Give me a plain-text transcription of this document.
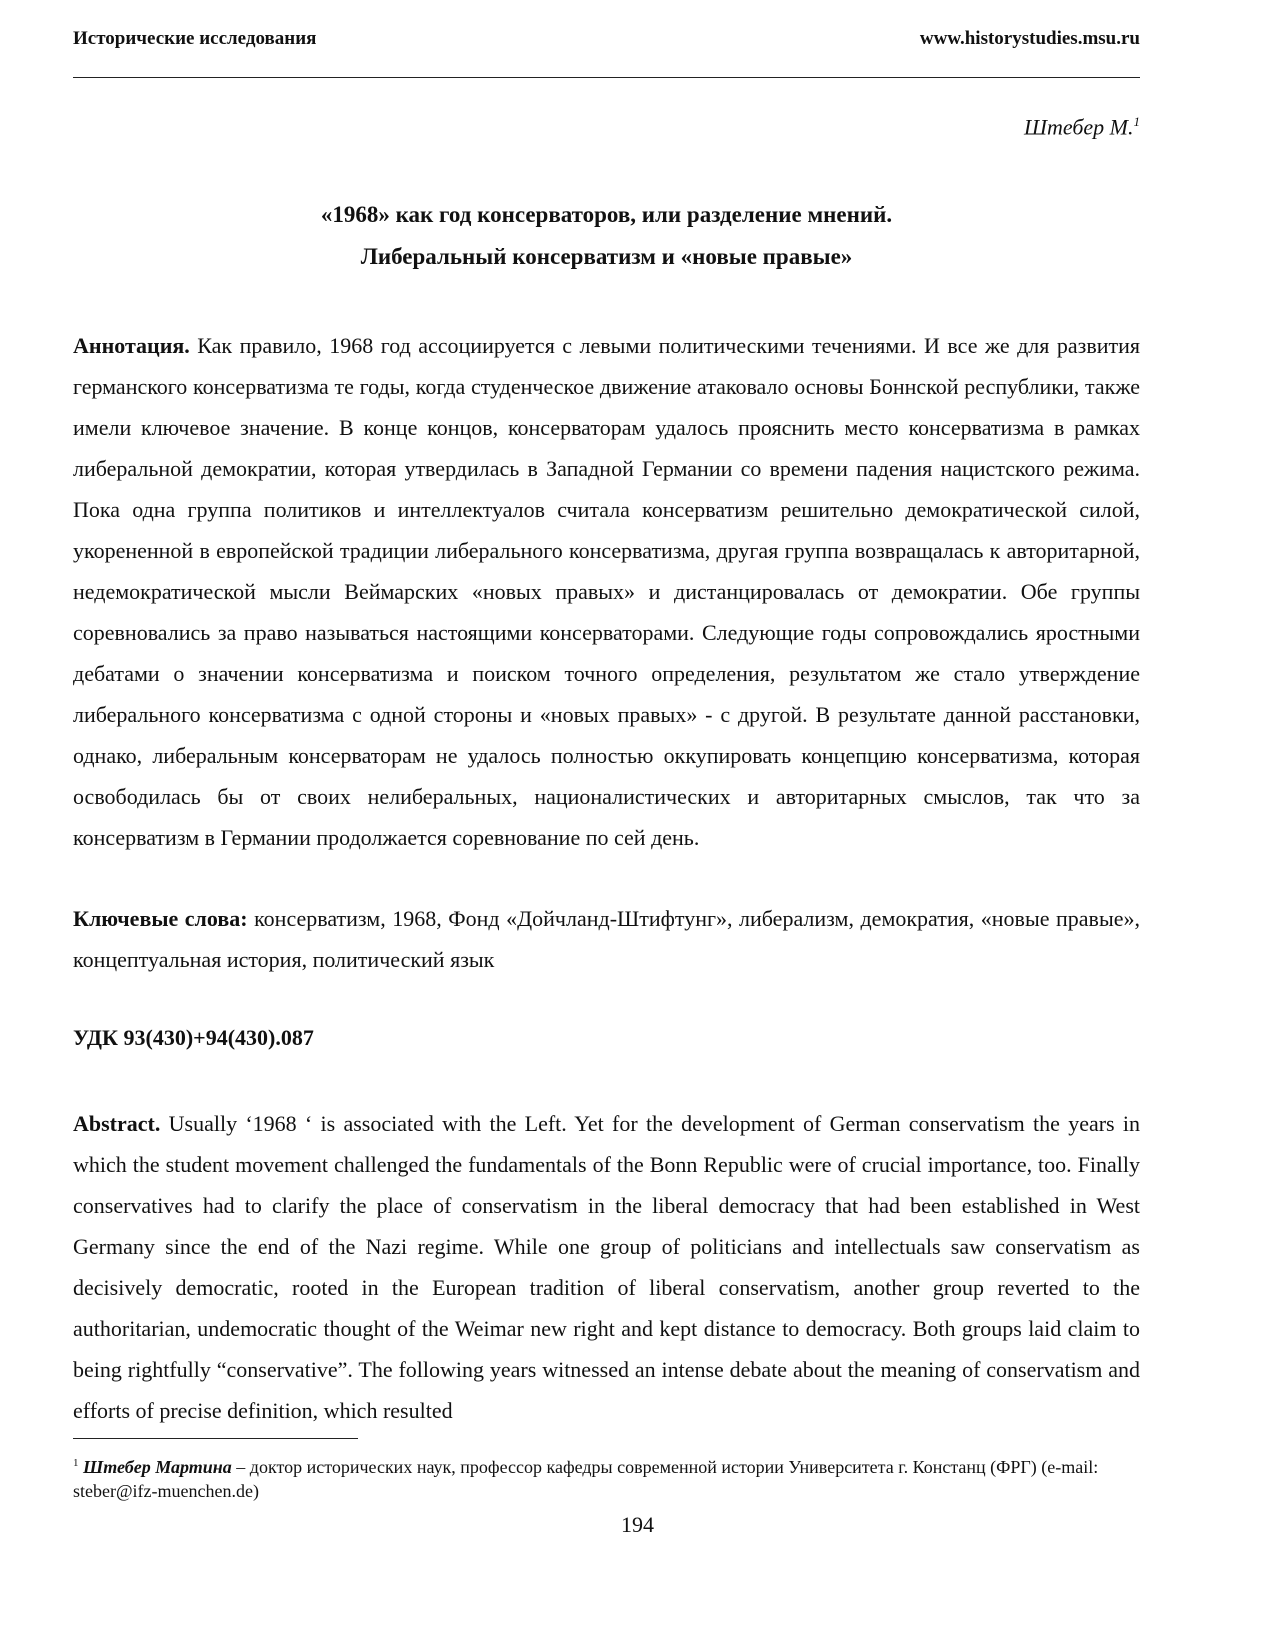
Исторические исследования	www.historystudies.msu.ru
Штебер М.$^1$
«1968» как год консерваторов, или разделение мнений.
Либеральный консерватизм и «новые правые»
Аннотация. Как правило, 1968 год ассоциируется с левыми политическими течениями. И все же для развития германского консерватизма те годы, когда студенческое движение атаковало основы Боннской республики, также имели ключевое значение. В конце концов, консерваторам удалось прояснить место консерватизма в рамках либеральной демократии, которая утвердилась в Западной Германии со времени падения нацистского режима. Пока одна группа политиков и интеллектуалов считала консерватизм решительно демократической силой, укорененной в европейской традиции либерального консерватизма, другая группа возвращалась к авторитарной, недемократической мысли Веймарских «новых правых» и дистанцировалась от демократии. Обе группы соревновались за право называться настоящими консерваторами. Следующие годы сопровождались яростными дебатами о значении консерватизма и поиском точного определения, результатом же стало утверждение либерального консерватизма с одной стороны и «новых правых» - с другой. В результате данной расстановки, однако, либеральным консерваторам не удалось полностью оккупировать концепцию консерватизма, которая освободилась бы от своих нелиберальных, националистических и авторитарных смыслов, так что за консерватизм в Германии продолжается соревнование по сей день.
Ключевые слова: консерватизм, 1968, Фонд «Дойчланд-Штифтунг», либерализм, демократия, «новые правые», концептуальная история, политический язык
УДК 93(430)+94(430).087
Abstract. Usually ‘1968 ‘ is associated with the Left. Yet for the development of German conservatism the years in which the student movement challenged the fundamentals of the Bonn Republic were of crucial importance, too. Finally conservatives had to clarify the place of conservatism in the liberal democracy that had been established in West Germany since the end of the Nazi regime. While one group of politicians and intellectuals saw conservatism as decisively democratic, rooted in the European tradition of liberal conservatism, another group reverted to the authoritarian, undemocratic thought of the Weimar new right and kept distance to democracy. Both groups laid claim to being rightfully “conservative”. The following years witnessed an intense debate about the meaning of conservatism and efforts of precise definition, which resulted
$^1$ Штебер Мартина – доктор исторических наук, профессор кафедры современной истории Университета г. Констанц (ФРГ) (e-mail: steber@ifz-muenchen.de)
194
